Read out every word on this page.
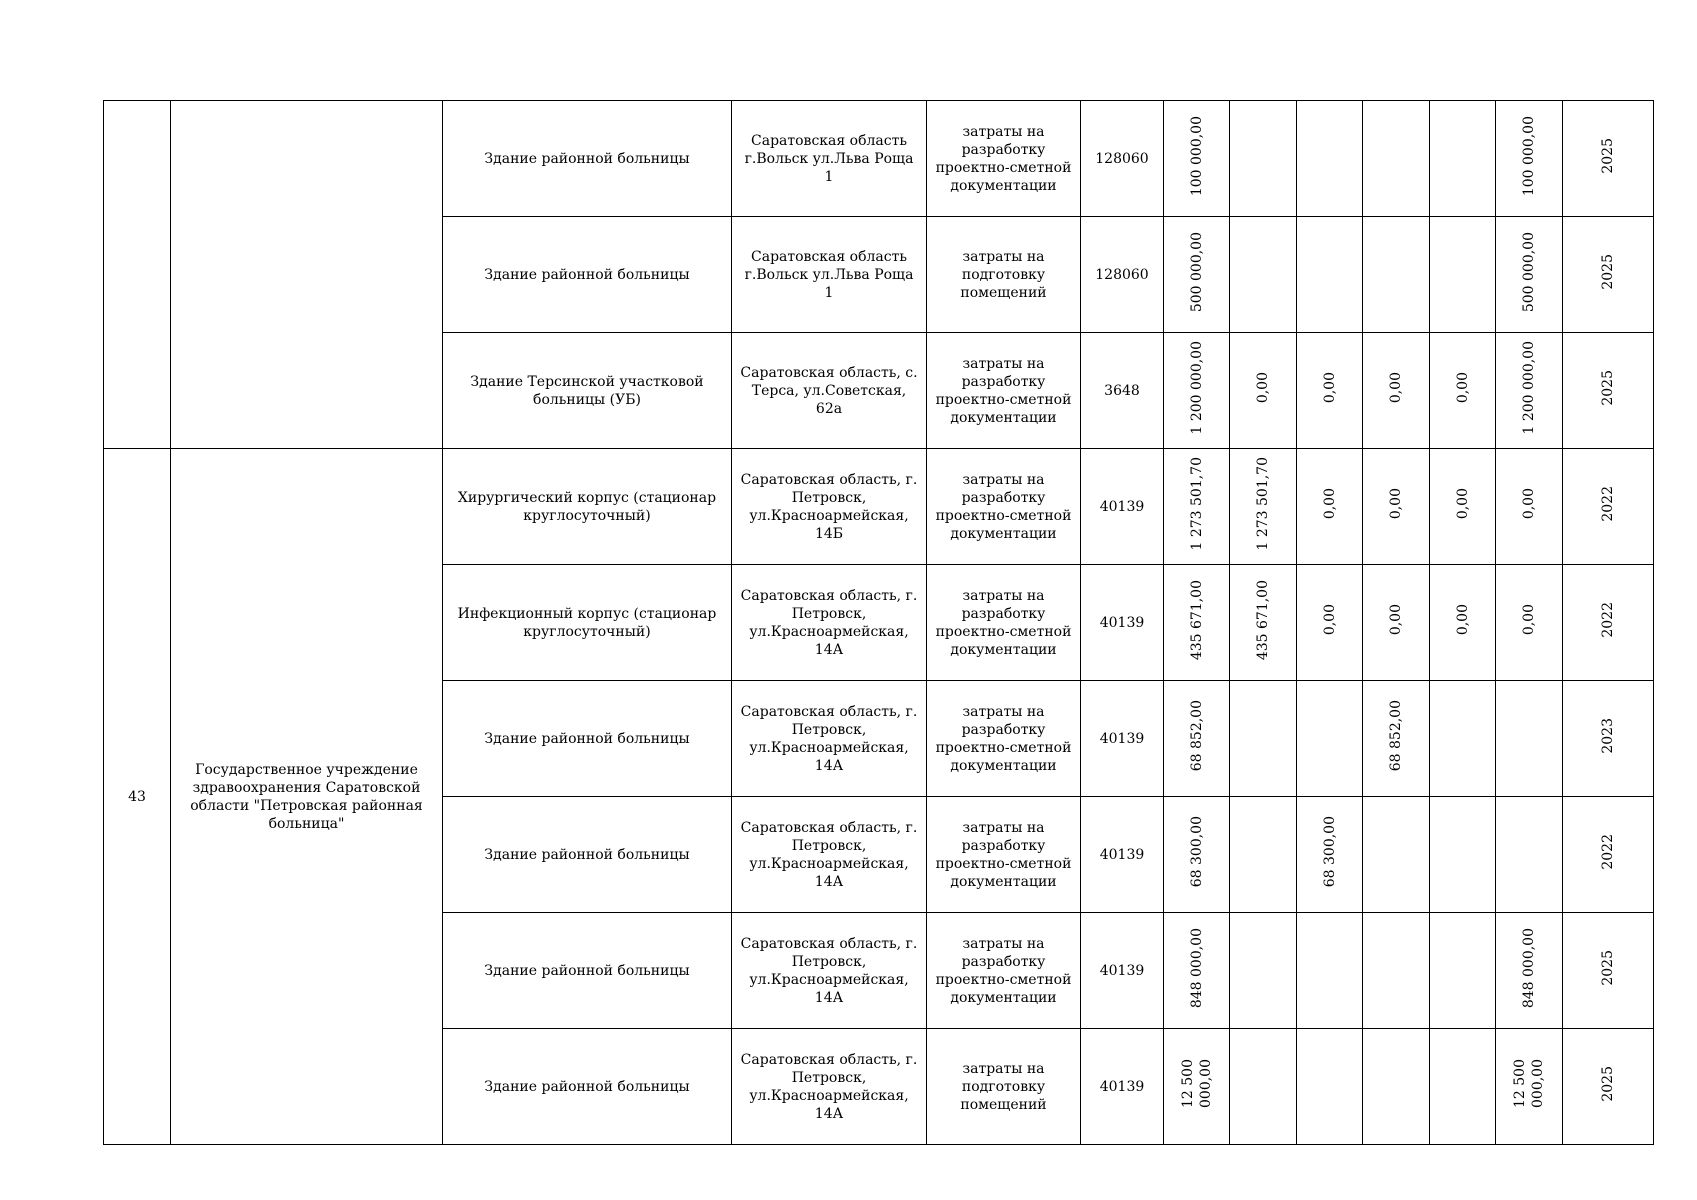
		Здание районной больницы	Саратовская область г.Вольск ул.Льва Роща 1	затраты на разработку проектно-сметной документации	128060	100 000,00					100 000,00	2025
		Здание районной больницы	Саратовская область г.Вольск ул.Льва Роща 1	затраты на подготовку помещений	128060	500 000,00					500 000,00	2025
		Здание Терсинской участковой больницы (УБ)	Саратовская область, с. Терса, ул.Советская, 62а	затраты на разработку проектно-сметной документации	3648	1 200 000,00	0,00	0,00	0,00	0,00	1 200 000,00	2025
43	Государственное учреждение здравоохранения Саратовской области "Петровская районная больница"	Хирургический корпус (стационар круглосуточный)	Саратовская область, г. Петровск, ул.Красноармейская, 14Б	затраты на разработку проектно-сметной документации	40139	1 273 501,70	1 273 501,70	0,00	0,00	0,00	0,00	2022
		Инфекционный корпус (стационар круглосуточный)	Саратовская область, г. Петровск, ул.Красноармейская, 14А	затраты на разработку проектно-сметной документации	40139	435 671,00	435 671,00	0,00	0,00	0,00	0,00	2022
		Здание районной больницы	Саратовская область, г. Петровск, ул.Красноармейская, 14А	затраты на разработку проектно-сметной документации	40139	68 852,00			68 852,00			2023
		Здание районной больницы	Саратовская область, г. Петровск, ул.Красноармейская, 14А	затраты на разработку проектно-сметной документации	40139	68 300,00		68 300,00				2022
		Здание районной больницы	Саратовская область, г. Петровск, ул.Красноармейская, 14А	затраты на разработку проектно-сметной документации	40139	848 000,00					848 000,00	2025
		Здание районной больницы	Саратовская область, г. Петровск, ул.Красноармейская, 14А	затраты на подготовку помещений	40139	12 500 000,00					12 500 000,00	2025
